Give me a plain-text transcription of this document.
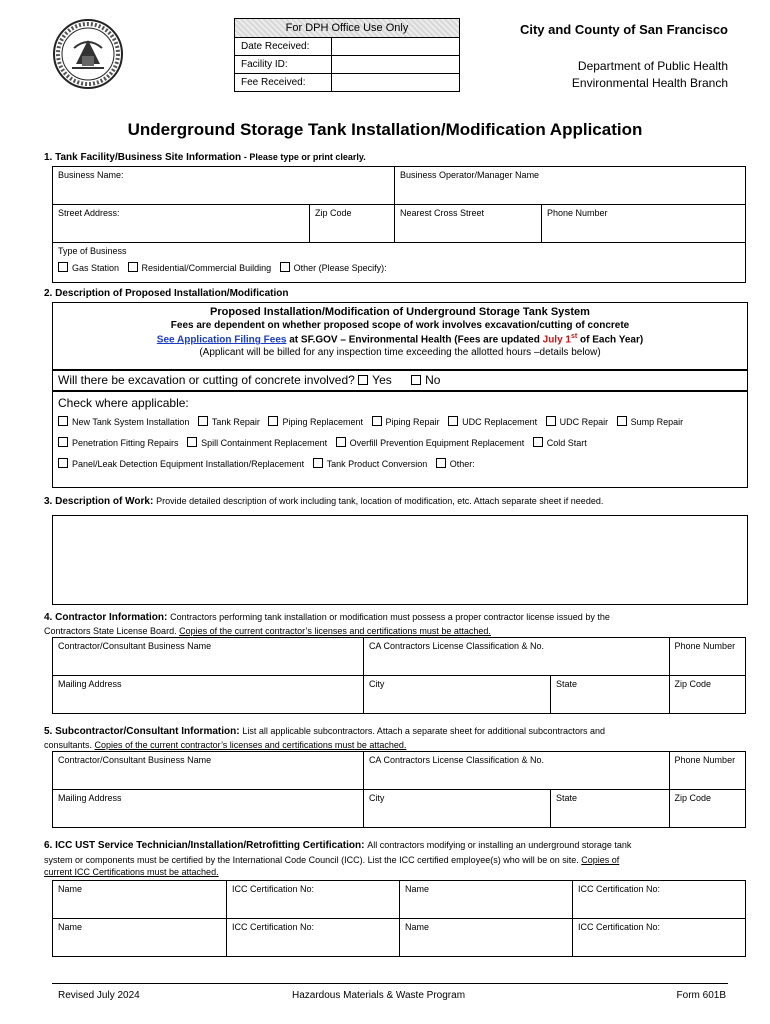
For DPH Office Use Only
Date Received:
Facility ID:
Fee Received:
City and County of San Francisco
Department of Public Health
Environmental Health Branch
Underground Storage Tank Installation/Modification Application
1. Tank Facility/Business Site Information - Please type or print clearly.
Business Name:		Business Operator/Manager Name	
Street Address:	Zip Code	Nearest Cross Street	Phone Number

Type of Business
Gas Station Residential/Commercial Building Other (Please Specify):			
2. Description of Proposed Installation/Modification
Proposed Installation/Modification of Underground Storage Tank System
Fees are dependent on whether proposed scope of work involves excavation/cutting of concrete
See Application Filing Fees at SF.GOV – Environmental Health (Fees are updated July 1st of Each Year)
(Applicant will be billed for any inspection time exceeding the allotted hours –details below)
Will there be excavation or cutting of concrete involved? Yes	No
Check where applicable:
New Tank System Installation	Tank Repair	Piping Replacement	Piping Repair	UDC Replacement	UDC Repair	Sump Repair
Penetration Fitting Repairs	Spill Containment Replacement	Overfill Prevention Equipment Replacement	Cold Start
Panel/Leak Detection Equipment Installation/Replacement	Tank Product Conversion	Other:
3. Description of Work: Provide detailed description of work including tank, location of modification, etc. Attach separate sheet if needed.
4. Contractor Information: Contractors performing tank installation or modification must possess a proper contractor license issued by the
Contractors State License Board. Copies of the current contractor’s licenses and certifications must be attached.
Contractor/Consultant Business Name	CA Contractors License Classification & No.		Phone Number
Mailing Address	City	State	Zip Code
5. Subcontractor/Consultant Information: List all applicable subcontractors. Attach a separate sheet for additional subcontractors and
consultants. Copies of the current contractor’s licenses and certifications must be attached.
Contractor/Consultant Business Name	CA Contractors License Classification & No.		Phone Number
Mailing Address	City	State	Zip Code
6. ICC UST Service Technician/Installation/Retrofitting Certification: All contractors modifying or installing an underground storage tank
system or components must be certified by the International Code Council (ICC). List the ICC certified employee(s) who will be on site. Copies of
current ICC Certifications must be attached.
Name	ICC Certification No:	Name	ICC Certification No:
Name	ICC Certification No:	Name	ICC Certification No:
Revised July 2024	Hazardous Materials & Waste Program	Form 601B
